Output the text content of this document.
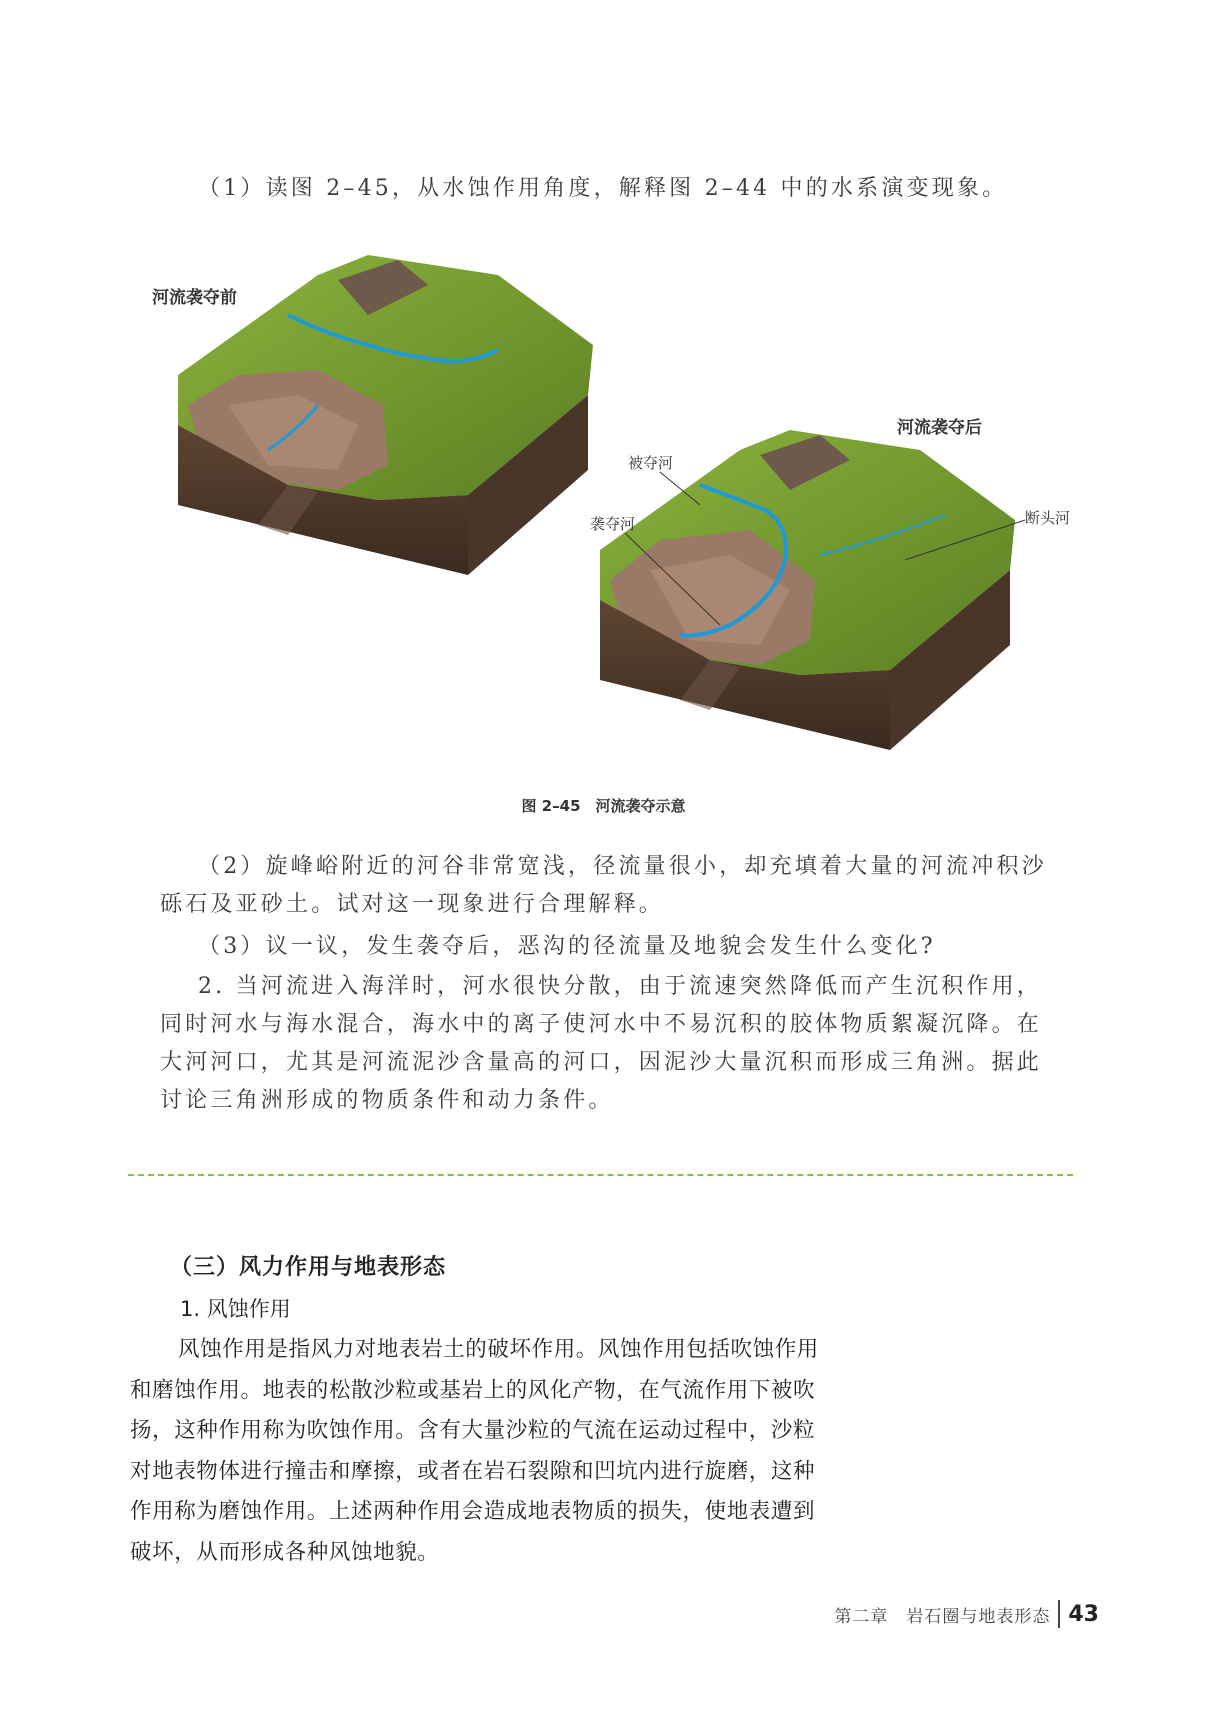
（1）读图 2–45，从水蚀作用角度，解释图 2–44 中的水系演变现象。
河流袭夺前
河流袭夺后
被夺河
袭夺河	断头河
图 2–45　河流袭夺示意

（2）旋峰峪附近的河谷非常宽浅，径流量很小，却充填着大量的河流冲积沙砾石及亚砂土。试对这一现象进行合理解释。

（3）议一议，发生袭夺后，恶沟的径流量及地貌会发生什么变化?

2. 当河流进入海洋时，河水很快分散，由于流速突然降低而产生沉积作用，同时河水与海水混合，海水中的离子使河水中不易沉积的胶体物质絮凝沉降。在大河河口，尤其是河流泥沙含量高的河口，因泥沙大量沉积而形成三角洲。据此讨论三角洲形成的物质条件和动力条件。

（三）风力作用与地表形态
1. 风蚀作用

风蚀作用是指风力对地表岩土的破坏作用。风蚀作用包括吹蚀作用和磨蚀作用。地表的松散沙粒或基岩上的风化产物，在气流作用下被吹扬，这种作用称为吹蚀作用。含有大量沙粒的气流在运动过程中，沙粒对地表物体进行撞击和摩擦，或者在岩石裂隙和凹坑内进行旋磨，这种作用称为磨蚀作用。上述两种作用会造成地表物质的损失，使地表遭到破坏，从而形成各种风蚀地貌。

第二章　岩石圈与地表形态 43
